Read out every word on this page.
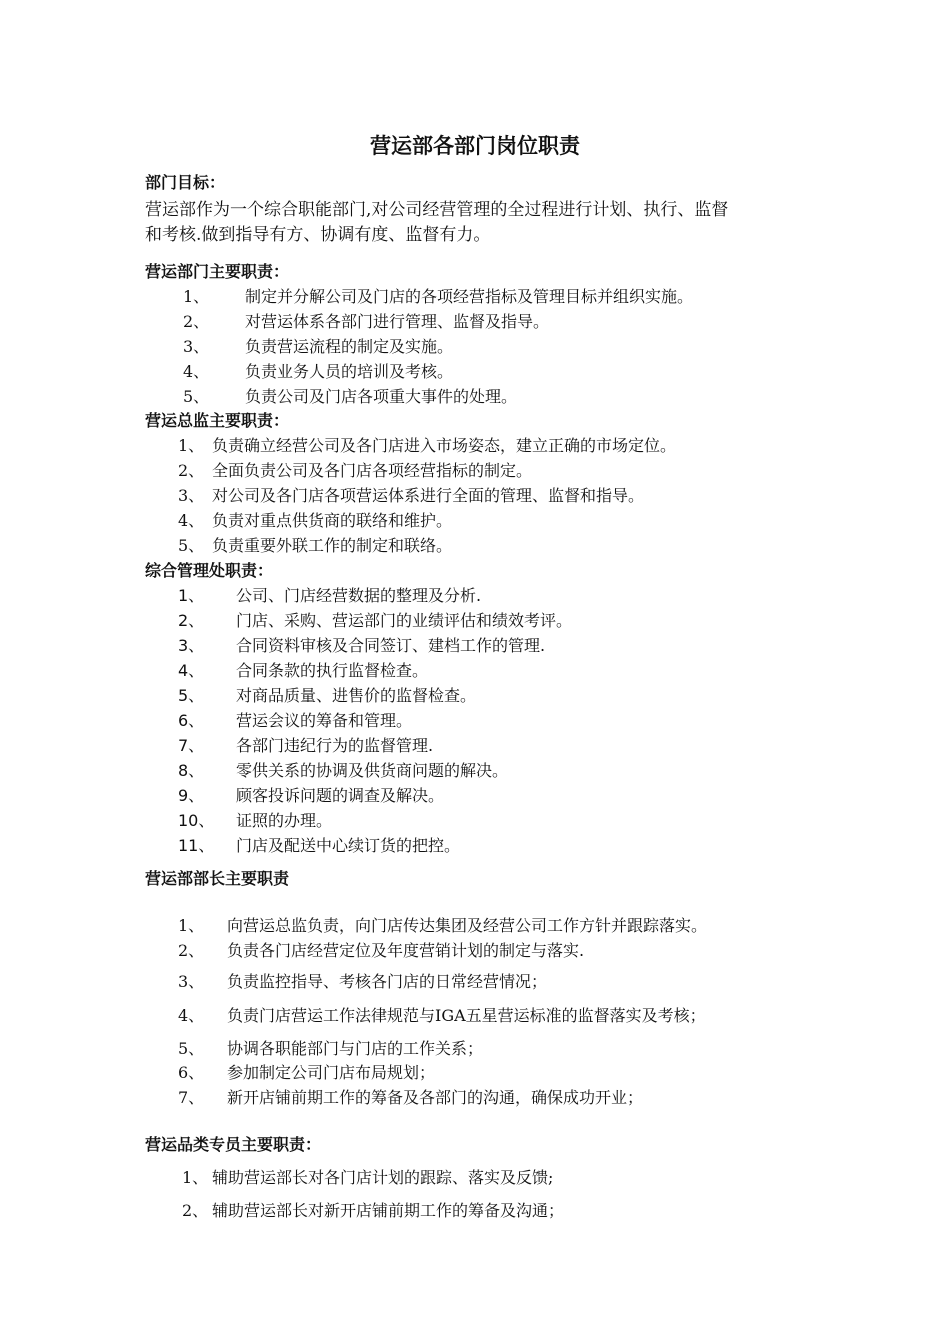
营运部各部门岗位职责
部门目标：
营运部作为一个综合职能部门,对公司经营管理的全过程进行计划、执行、监督
和考核.做到指导有方、协调有度、监督有力。
营运部门主要职责：
1、 制定并分解公司及门店的各项经营指标及管理目标并组织实施。
2、 对营运体系各部门进行管理、监督及指导。
3、 负责营运流程的制定及实施。
4、 负责业务人员的培训及考核。
5、 负责公司及门店各项重大事件的处理。
营运总监主要职责：
1、 负责确立经营公司及各门店进入市场姿态，建立正确的市场定位。
2、 全面负责公司及各门店各项经营指标的制定。
3、 对公司及各门店各项营运体系进行全面的管理、监督和指导。
4、 负责对重点供货商的联络和维护。
5、 负责重要外联工作的制定和联络。
综合管理处职责：
1、 公司、门店经营数据的整理及分析.
2、 门店、采购、营运部门的业绩评估和绩效考评。
3、 合同资料审核及合同签订、建档工作的管理.
4、 合同条款的执行监督检查。
5、 对商品质量、进售价的监督检查。
6、 营运会议的筹备和管理。
7、 各部门违纪行为的监督管理.
8、 零供关系的协调及供货商问题的解决。
9、 顾客投诉问题的调查及解决。
10、 证照的办理。
11、 门店及配送中心续订货的把控。
营运部部长主要职责
1、 向营运总监负责，向门店传达集团及经营公司工作方针并跟踪落实。
2、 负责各门店经营定位及年度营销计划的制定与落实.
3、 负责监控指导、考核各门店的日常经营情况；
4、 负责门店营运工作法律规范与IGA五星营运标准的监督落实及考核；
5、 协调各职能部门与门店的工作关系；
6、 参加制定公司门店布局规划；
7、 新开店铺前期工作的筹备及各部门的沟通，确保成功开业；
营运品类专员主要职责：
1、 辅助营运部长对各门店计划的跟踪、落实及反馈;
2、 辅助营运部长对新开店铺前期工作的筹备及沟通；
